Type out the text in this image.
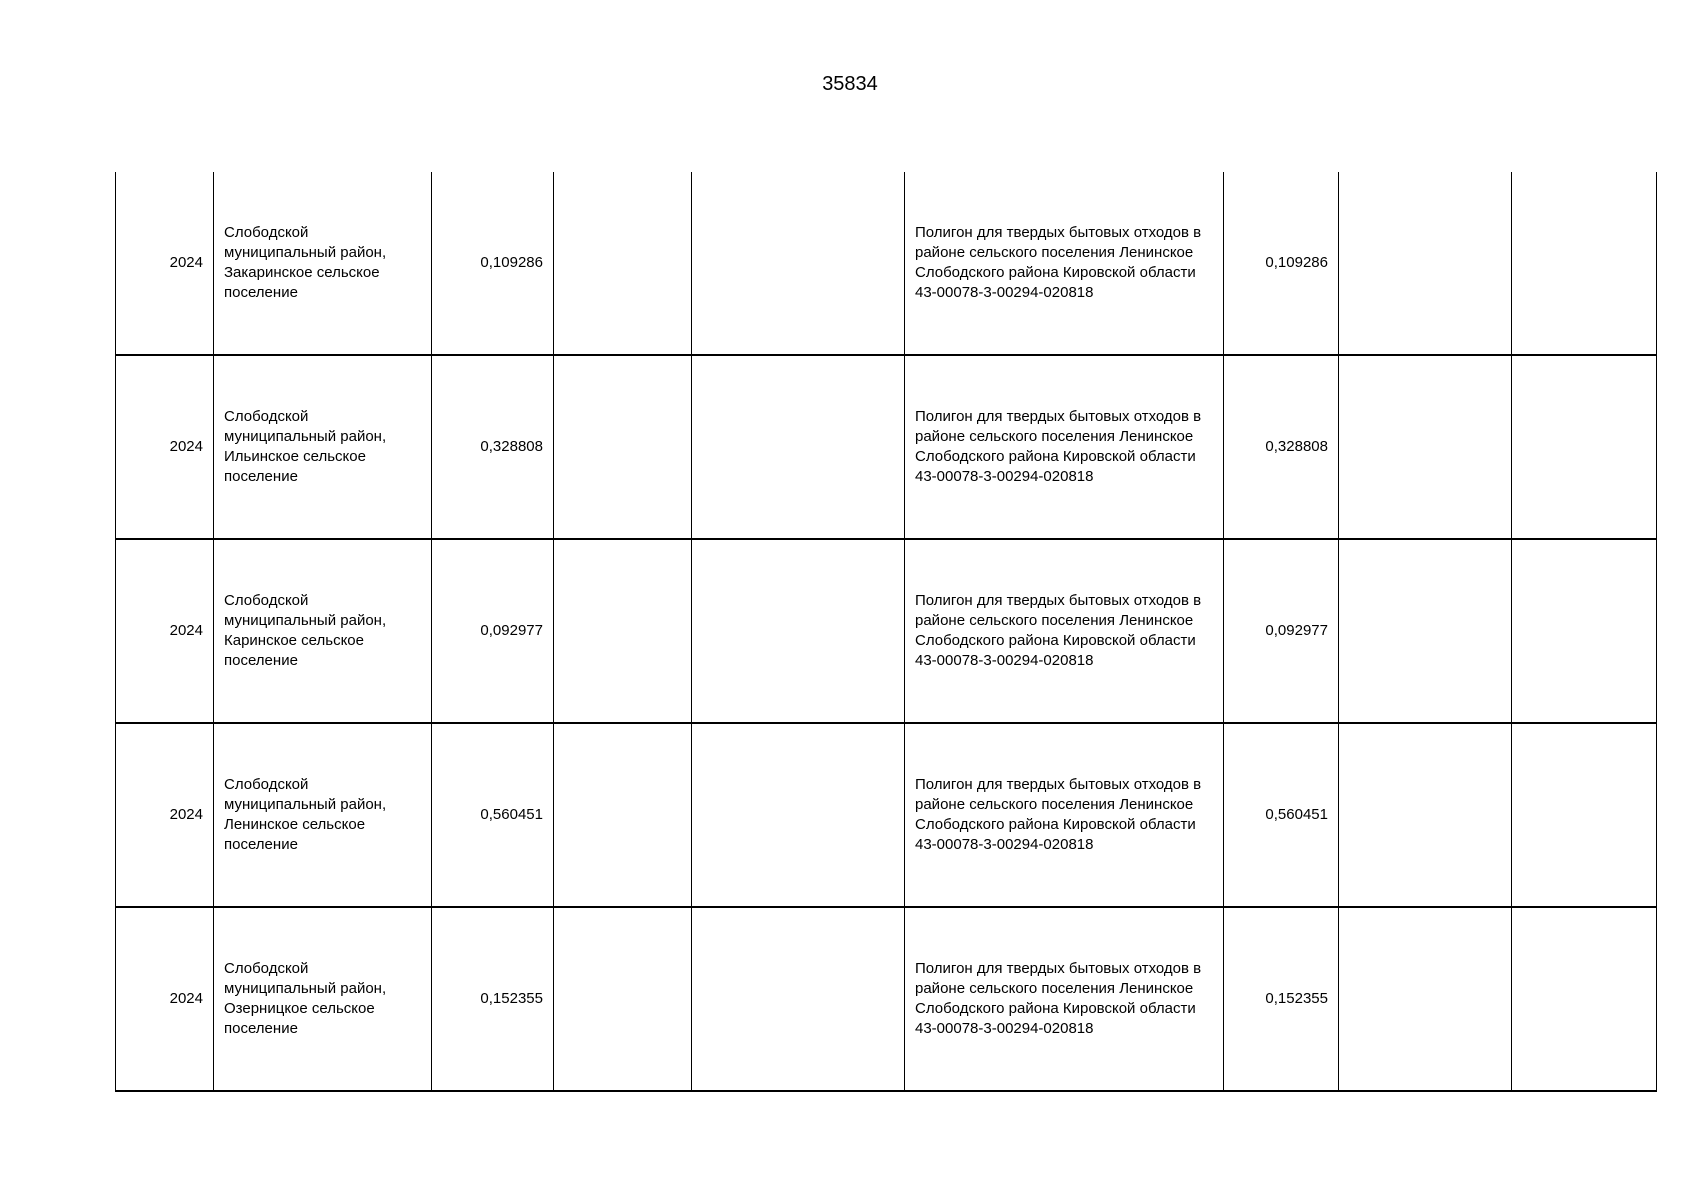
35834
2024	Слободской муниципальный район, Закаринское сельское поселение	0,109286			Полигон для твердых бытовых отходов в районе сельского поселения Ленинское Слободского района Кировской области 43-00078-3-00294-020818	0,109286		
2024	Слободской муниципальный район, Ильинское сельское поселение	0,328808			Полигон для твердых бытовых отходов в районе сельского поселения Ленинское Слободского района Кировской области 43-00078-3-00294-020818	0,328808		
2024	Слободской муниципальный район, Каринское сельское поселение	0,092977			Полигон для твердых бытовых отходов в районе сельского поселения Ленинское Слободского района Кировской области 43-00078-3-00294-020818	0,092977		
2024	Слободской муниципальный район, Ленинское сельское поселение	0,560451			Полигон для твердых бытовых отходов в районе сельского поселения Ленинское Слободского района Кировской области 43-00078-3-00294-020818	0,560451		
2024	Слободской муниципальный район, Озерницкое сельское поселение	0,152355			Полигон для твердых бытовых отходов в районе сельского поселения Ленинское Слободского района Кировской области 43-00078-3-00294-020818	0,152355		
